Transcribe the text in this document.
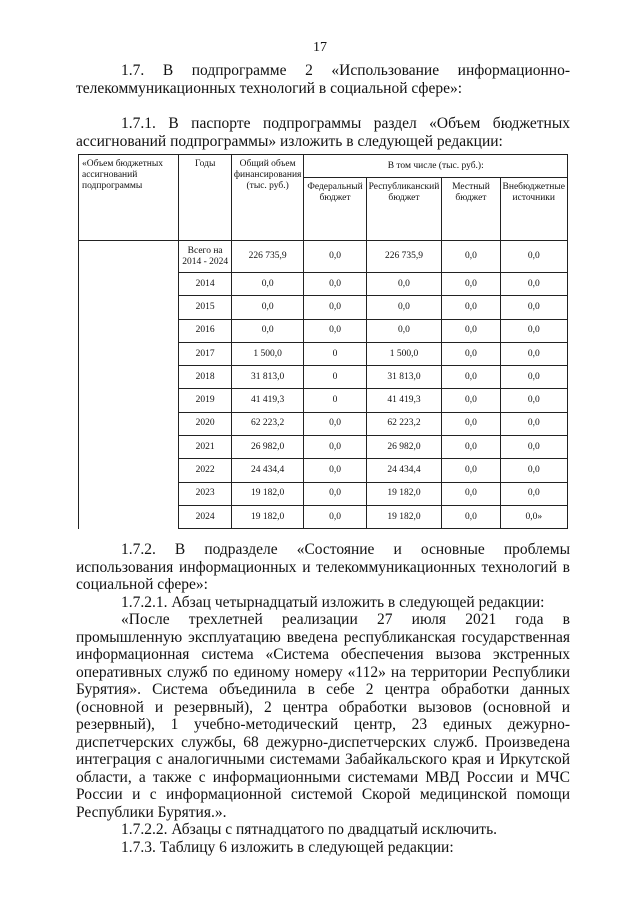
17

1.7. В подпрограмме 2 «Использование информационно-телекоммуникационных технологий в социальной сфере»:

1.7.1. В паспорте подпрограммы раздел «Объем бюджетных ассигнований подпрограммы» изложить в следующей редакции:

«Объем бюджетных ассигнований подпрограммы	Годы	Общий объем финансирования (тыс. руб.)	В том числе (тыс. руб.):			
			Федеральный бюджет	Республиканский бюджет	Местный бюджет	Внебюджетные источники
	Всего на 2014 - 2024	226 735,9	0,0	226 735,9	0,0	0,0
	2014	0,0	0,0	0,0	0,0	0,0
	2015	0,0	0,0	0,0	0,0	0,0
	2016	0,0	0,0	0,0	0,0	0,0
	2017	1 500,0	0	1 500,0	0,0	0,0
	2018	31 813,0	0	31 813,0	0,0	0,0
	2019	41 419,3	0	41 419,3	0,0	0,0
	2020	62 223,2	0,0	62 223,2	0,0	0,0
	2021	26 982,0	0,0	26 982,0	0,0	0,0
	2022	24 434,4	0,0	24 434,4	0,0	0,0
	2023	19 182,0	0,0	19 182,0	0,0	0,0
	2024	19 182,0	0,0	19 182,0	0,0	0,0»

1.7.2. В подразделе «Состояние и основные проблемы использования информационных и телекоммуникационных технологий в социальной сфере»:

1.7.2.1. Абзац четырнадцатый изложить в следующей редакции:

«После трехлетней реализации 27 июля 2021 года в промышленную эксплуатацию введена республиканская государственная информационная система «Система обеспечения вызова экстренных оперативных служб по единому номеру «112» на территории Республики Бурятия». Система объединила в себе 2 центра обработки данных (основной и резервный), 2 центра обработки вызовов (основной и резервный), 1 учебно-методический центр, 23 единых дежурно-диспетчерских службы, 68 дежурно-диспетчерских служб. Произведена интеграция с аналогичными системами Забайкальского края и Иркутской области, а также с информационными системами МВД России и МЧС России и с информационной системой Скорой медицинской помощи Республики Бурятия.».

1.7.2.2. Абзацы с пятнадцатого по двадцатый исключить.

1.7.3. Таблицу 6 изложить в следующей редакции:
